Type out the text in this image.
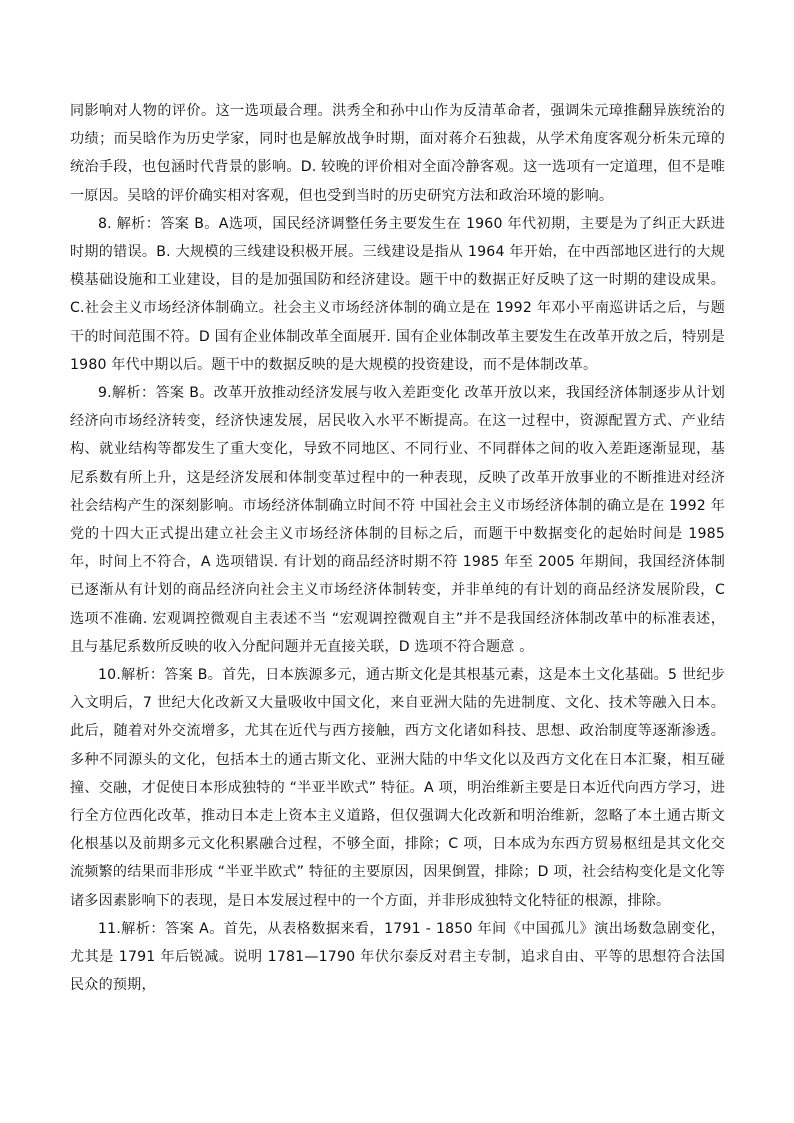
同影响对人物的评价。这一选项最合理。洪秀全和孙中山作为反清革命者，强调朱元璋推翻异族统治的功绩；而吴晗作为历史学家，同时也是解放战争时期，面对蒋介石独裁，从学术角度客观分析朱元璋的统治手段，也包涵时代背景的影响。D. 较晚的评价相对全面冷静客观。这一选项有一定道理，但不是唯一原因。吴晗的评价确实相对客观，但也受到当时的历史研究方法和政治环境的影响。

8. 解析：答案 B。A选项，国民经济调整任务主要发生在 1960 年代初期，主要是为了纠正大跃进时期的错误。B. 大规模的三线建设积极开展。三线建设是指从 1964 年开始，在中西部地区进行的大规模基础设施和工业建设，目的是加强国防和经济建设。题干中的数据正好反映了这一时期的建设成果。C.社会主义市场经济体制确立。社会主义市场经济体制的确立是在 1992 年邓小平南巡讲话之后，与题干的时间范围不符。D 国有企业体制改革全面展开. 国有企业体制改革主要发生在改革开放之后，特别是 1980 年代中期以后。题干中的数据反映的是大规模的投资建设，而不是体制改革。

9.解析：答案 B。改革开放推动经济发展与收入差距变化 改革开放以来，我国经济体制逐步从计划经济向市场经济转变，经济快速发展，居民收入水平不断提高。在这一过程中，资源配置方式、产业结构、就业结构等都发生了重大变化，导致不同地区、不同行业、不同群体之间的收入差距逐渐显现，基尼系数有所上升，这是经济发展和体制变革过程中的一种表现，反映了改革开放事业的不断推进对经济社会结构产生的深刻影响。市场经济体制确立时间不符 中国社会主义市场经济体制的确立是在 1992 年党的十四大正式提出建立社会主义市场经济体制的目标之后，而题干中数据变化的起始时间是 1985 年，时间上不符合，A 选项错误. 有计划的商品经济时期不符 1985 年至 2005 年期间，我国经济体制已逐渐从有计划的商品经济向社会主义市场经济体制转变，并非单纯的有计划的商品经济发展阶段，C 选项不准确. 宏观调控微观自主表述不当 “宏观调控微观自主”并不是我国经济体制改革中的标准表述，且与基尼系数所反映的收入分配问题并无直接关联，D 选项不符合题意 。

10.解析：答案 B。首先，日本族源多元，通古斯文化是其根基元素，这是本土文化基础。5 世纪步入文明后，7 世纪大化改新又大量吸收中国文化，来自亚洲大陆的先进制度、文化、技术等融入日本。此后，随着对外交流增多，尤其在近代与西方接触，西方文化诸如科技、思想、政治制度等逐渐渗透。多种不同源头的文化，包括本土的通古斯文化、亚洲大陆的中华文化以及西方文化在日本汇聚，相互碰撞、交融，才促使日本形成独特的 “半亚半欧式” 特征。A 项，明治维新主要是日本近代向西方学习，进行全方位西化改革，推动日本走上资本主义道路，但仅强调大化改新和明治维新，忽略了本土通古斯文化根基以及前期多元文化积累融合过程，不够全面，排除；C 项，日本成为东西方贸易枢纽是其文化交流频繁的结果而非形成 “半亚半欧式” 特征的主要原因，因果倒置，排除；D 项，社会结构变化是文化等诸多因素影响下的表现，是日本发展过程中的一个方面，并非形成独特文化特征的根源，排除。

11.解析：答案 A。首先，从表格数据来看，1791 - 1850 年间《中国孤儿》演出场数急剧变化，尤其是 1791 年后锐减。说明 1781—1790 年伏尔泰反对君主专制，追求自由、平等的思想符合法国民众的预期，
